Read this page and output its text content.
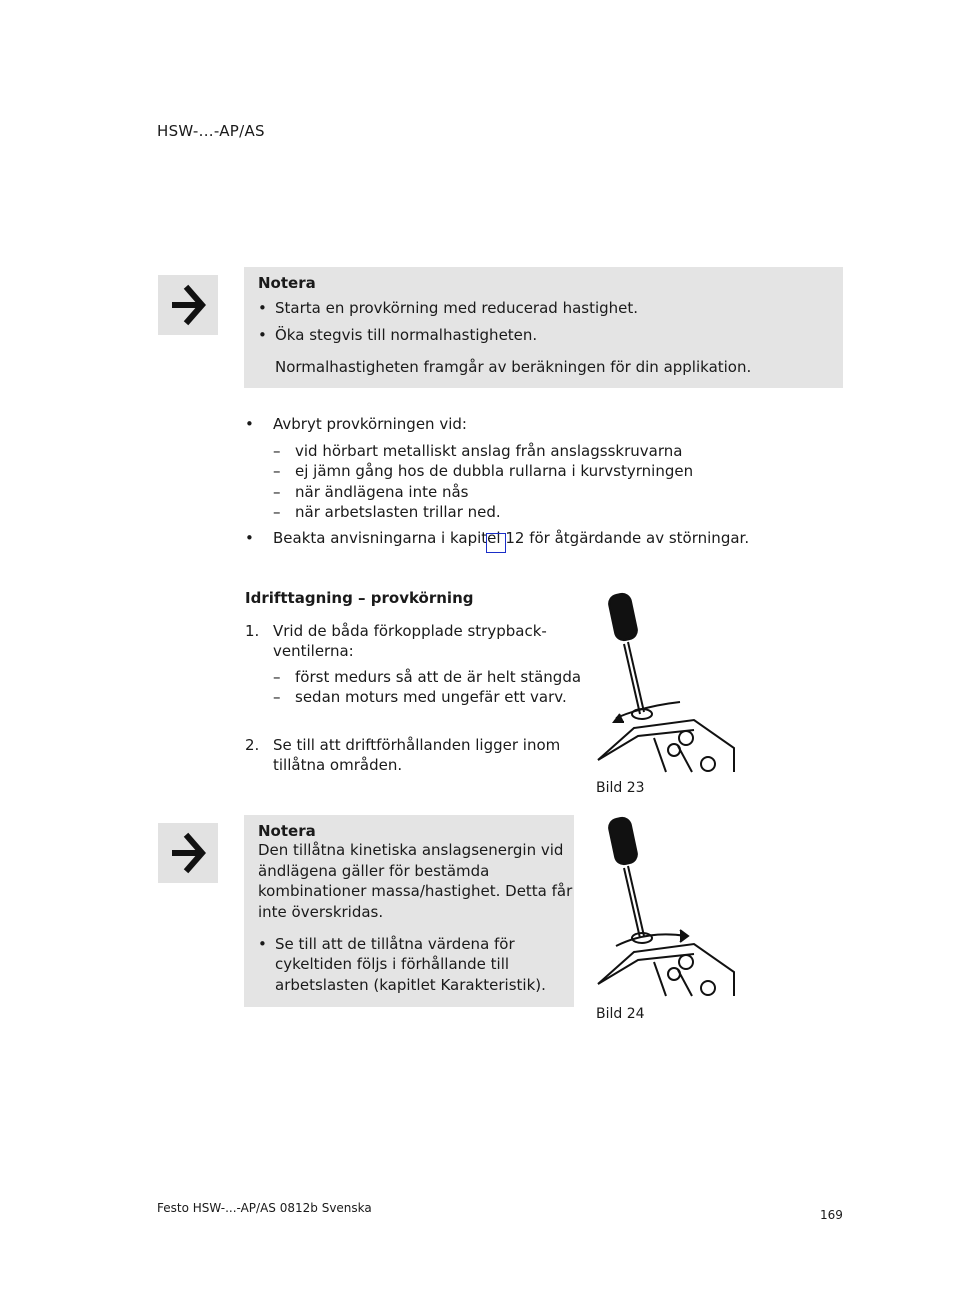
HSW-...-AP/AS
Notera
• Starta en provkörning med reducerad hastighet.
• Öka stegvis till normalhastigheten.
Normalhastigheten framgår av beräkningen för din applikation.
• Avbryt provkörningen vid:
– vid hörbart metalliskt anslag från anslagsskruvarna
– ej jämn gång hos de dubbla rullarna i kurvstyrningen
– när ändlägena inte nås
– när arbetslasten trillar ned.
• Beakta anvisningarna i kapitel 12 för åtgärdande av störningar.
Idrifttagning – provkörning
1. Vrid de båda förkopplade strypback-
ventilerna:
– först medurs så att de är helt stängda
– sedan moturs med ungefär ett varv.
2. Se till att driftförhållanden ligger inom
tillåtna områden.
Bild 23
Notera
Den tillåtna kinetiska anslagsenergin vid
ändlägena gäller för bestämda
kombinationer massa/hastighet. Detta får
inte överskridas.
• Se till att de tillåtna värdena för
cykeltiden följs i förhållande till
arbetslasten (kapitlet Karakteristik).
Bild 24
Festo HSW-...-AP/AS 0812b Svenska	169
